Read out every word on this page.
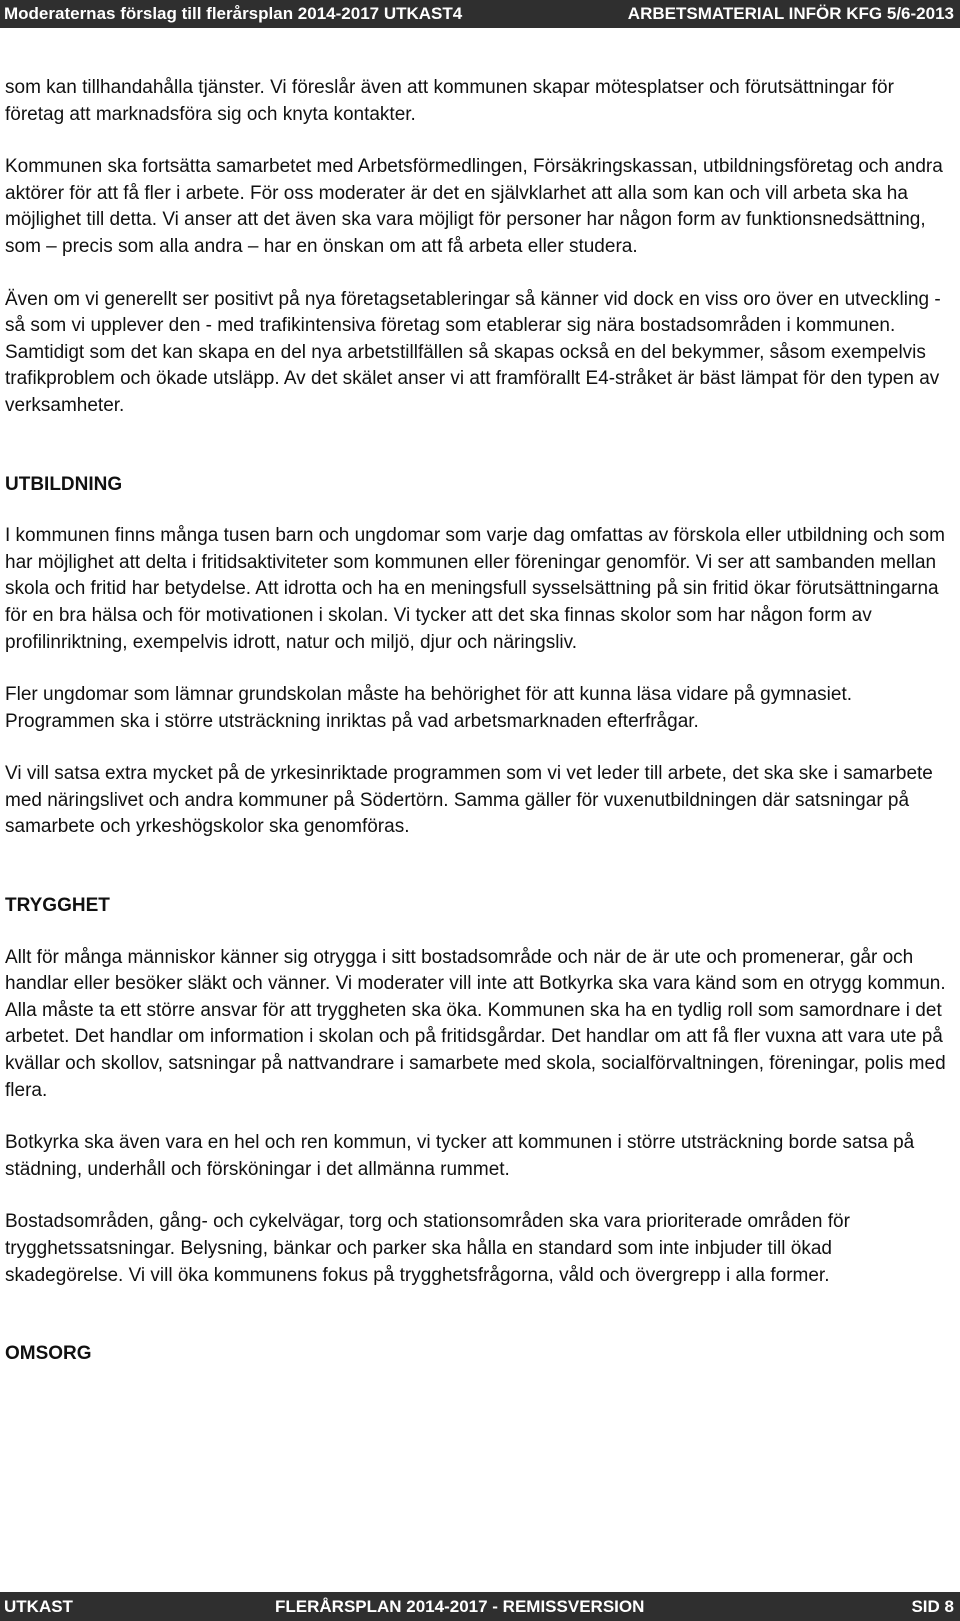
Moderaternas förslag till flerårsplan 2014-2017 UTKAST4	ARBETSMATERIAL INFÖR KFG 5/6-2013

som kan tillhandahålla tjänster. Vi föreslår även att kommunen skapar mötesplatser och förutsättningar för företag att marknadsföra sig och knyta kontakter.

Kommunen ska fortsätta samarbetet med Arbetsförmedlingen, Försäkringskassan, utbildningsföretag och andra aktörer för att få fler i arbete. För oss moderater är det en självklarhet att alla som kan och vill arbeta ska ha möjlighet till detta. Vi anser att det även ska vara möjligt för personer har någon form av funktionsnedsättning, som – precis som alla andra – har en önskan om att få arbeta eller studera.

Även om vi generellt ser positivt på nya företagsetableringar så känner vid dock en viss oro över en utveckling - så som vi upplever den - med trafikintensiva företag som etablerar sig nära bostadsområden i kommunen. Samtidigt som det kan skapa en del nya arbetstillfällen så skapas också en del bekymmer, såsom exempelvis trafikproblem och ökade utsläpp. Av det skälet anser vi att framförallt E4-stråket är bäst lämpat för den typen av verksamheter.

UTBILDNING

I kommunen finns många tusen barn och ungdomar som varje dag omfattas av förskola eller utbildning och som har möjlighet att delta i fritidsaktiviteter som kommunen eller föreningar genomför. Vi ser att sambanden mellan skola och fritid har betydelse. Att idrotta och ha en meningsfull sysselsättning på sin fritid ökar förutsättningarna för en bra hälsa och för motivationen i skolan. Vi tycker att det ska finnas skolor som har någon form av profilinriktning, exempelvis idrott, natur och miljö, djur och näringsliv.

Fler ungdomar som lämnar grundskolan måste ha behörighet för att kunna läsa vidare på gymnasiet. Programmen ska i större utsträckning inriktas på vad arbetsmarknaden efterfrågar.

Vi vill satsa extra mycket på de yrkesinriktade programmen som vi vet leder till arbete, det ska ske i samarbete med näringslivet och andra kommuner på Södertörn. Samma gäller för vuxenutbildningen där satsningar på samarbete och yrkeshögskolor ska genomföras.

TRYGGHET

Allt för många människor känner sig otrygga i sitt bostadsområde och när de är ute och promenerar, går och handlar eller besöker släkt och vänner. Vi moderater vill inte att Botkyrka ska vara känd som en otrygg kommun. Alla måste ta ett större ansvar för att tryggheten ska öka. Kommunen ska ha en tydlig roll som samordnare i det arbetet. Det handlar om information i skolan och på fritidsgårdar. Det handlar om att få fler vuxna att vara ute på kvällar och skollov, satsningar på nattvandrare i samarbete med skola, socialförvaltningen, föreningar, polis med flera.

Botkyrka ska även vara en hel och ren kommun, vi tycker att kommunen i större utsträckning borde satsa på städning, underhåll och försköningar i det allmänna rummet.

Bostadsområden, gång- och cykelvägar, torg och stationsområden ska vara prioriterade områden för trygghetssatsningar. Belysning, bänkar och parker ska hålla en standard som inte inbjuder till ökad skadegörelse. Vi vill öka kommunens fokus på trygghetsfrågorna, våld och övergrepp i alla former.

OMSORG
UTKAST	FLERÅRSPLAN 2014-2017 - REMISSVERSION	SID 8
